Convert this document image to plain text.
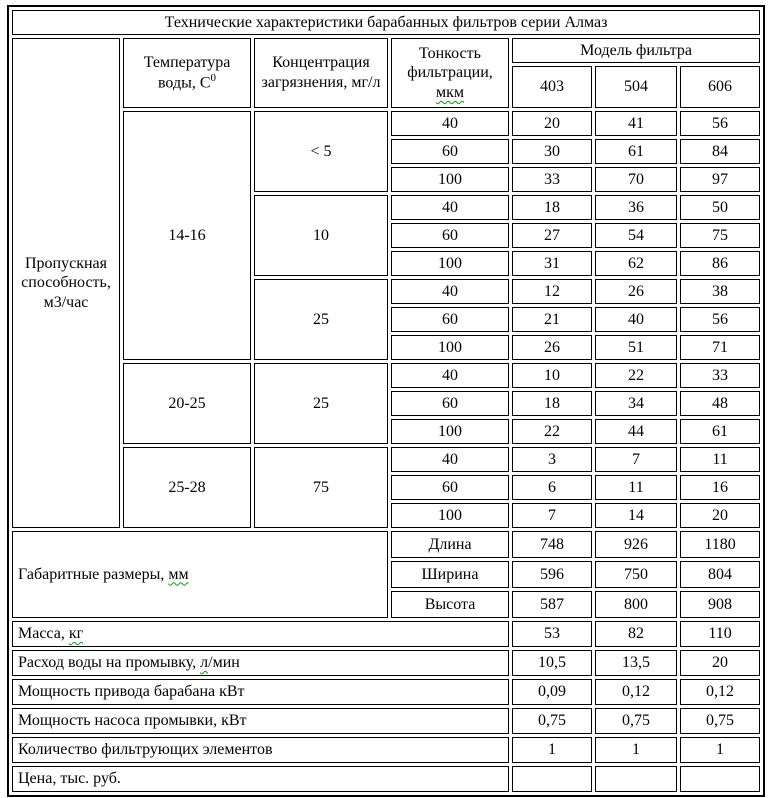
Технические характеристики барабанных фильтров серии Алмаз						
Пропускная способность, м3/час	Температура воды, $С^0$	Концентрация загрязнения, мг/л	Тонкость фильтрации, мкм	Модель фильтра		
				403	504	606
	14-16	< 5	40	20	41	56
			60	30	61	84
			100	33	70	97
		10	40	18	36	50
			60	27	54	75
			100	31	62	86
		25	40	12	26	38
			60	21	40	56
			100	26	51	71
	20-25	25	40	10	22	33
			60	18	34	48
			100	22	44	61
	25-28	75	40	3	7	11
			60	6	11	16
			100	7	14	20
Габаритные размеры, мм			Длина	748	926	1180
			Ширина	596	750	804
			Высота	587	800	908
Масса, кг				53	82	110
Расход воды на промывку, л/мин				10,5	13,5	20
Мощность привода барабана кВт				0,09	0,12	0,12
Мощность насоса промывки, кВт				0,75	0,75	0,75
Количество фильтрующих элементов				1	1	1
Цена, тыс. руб.						
